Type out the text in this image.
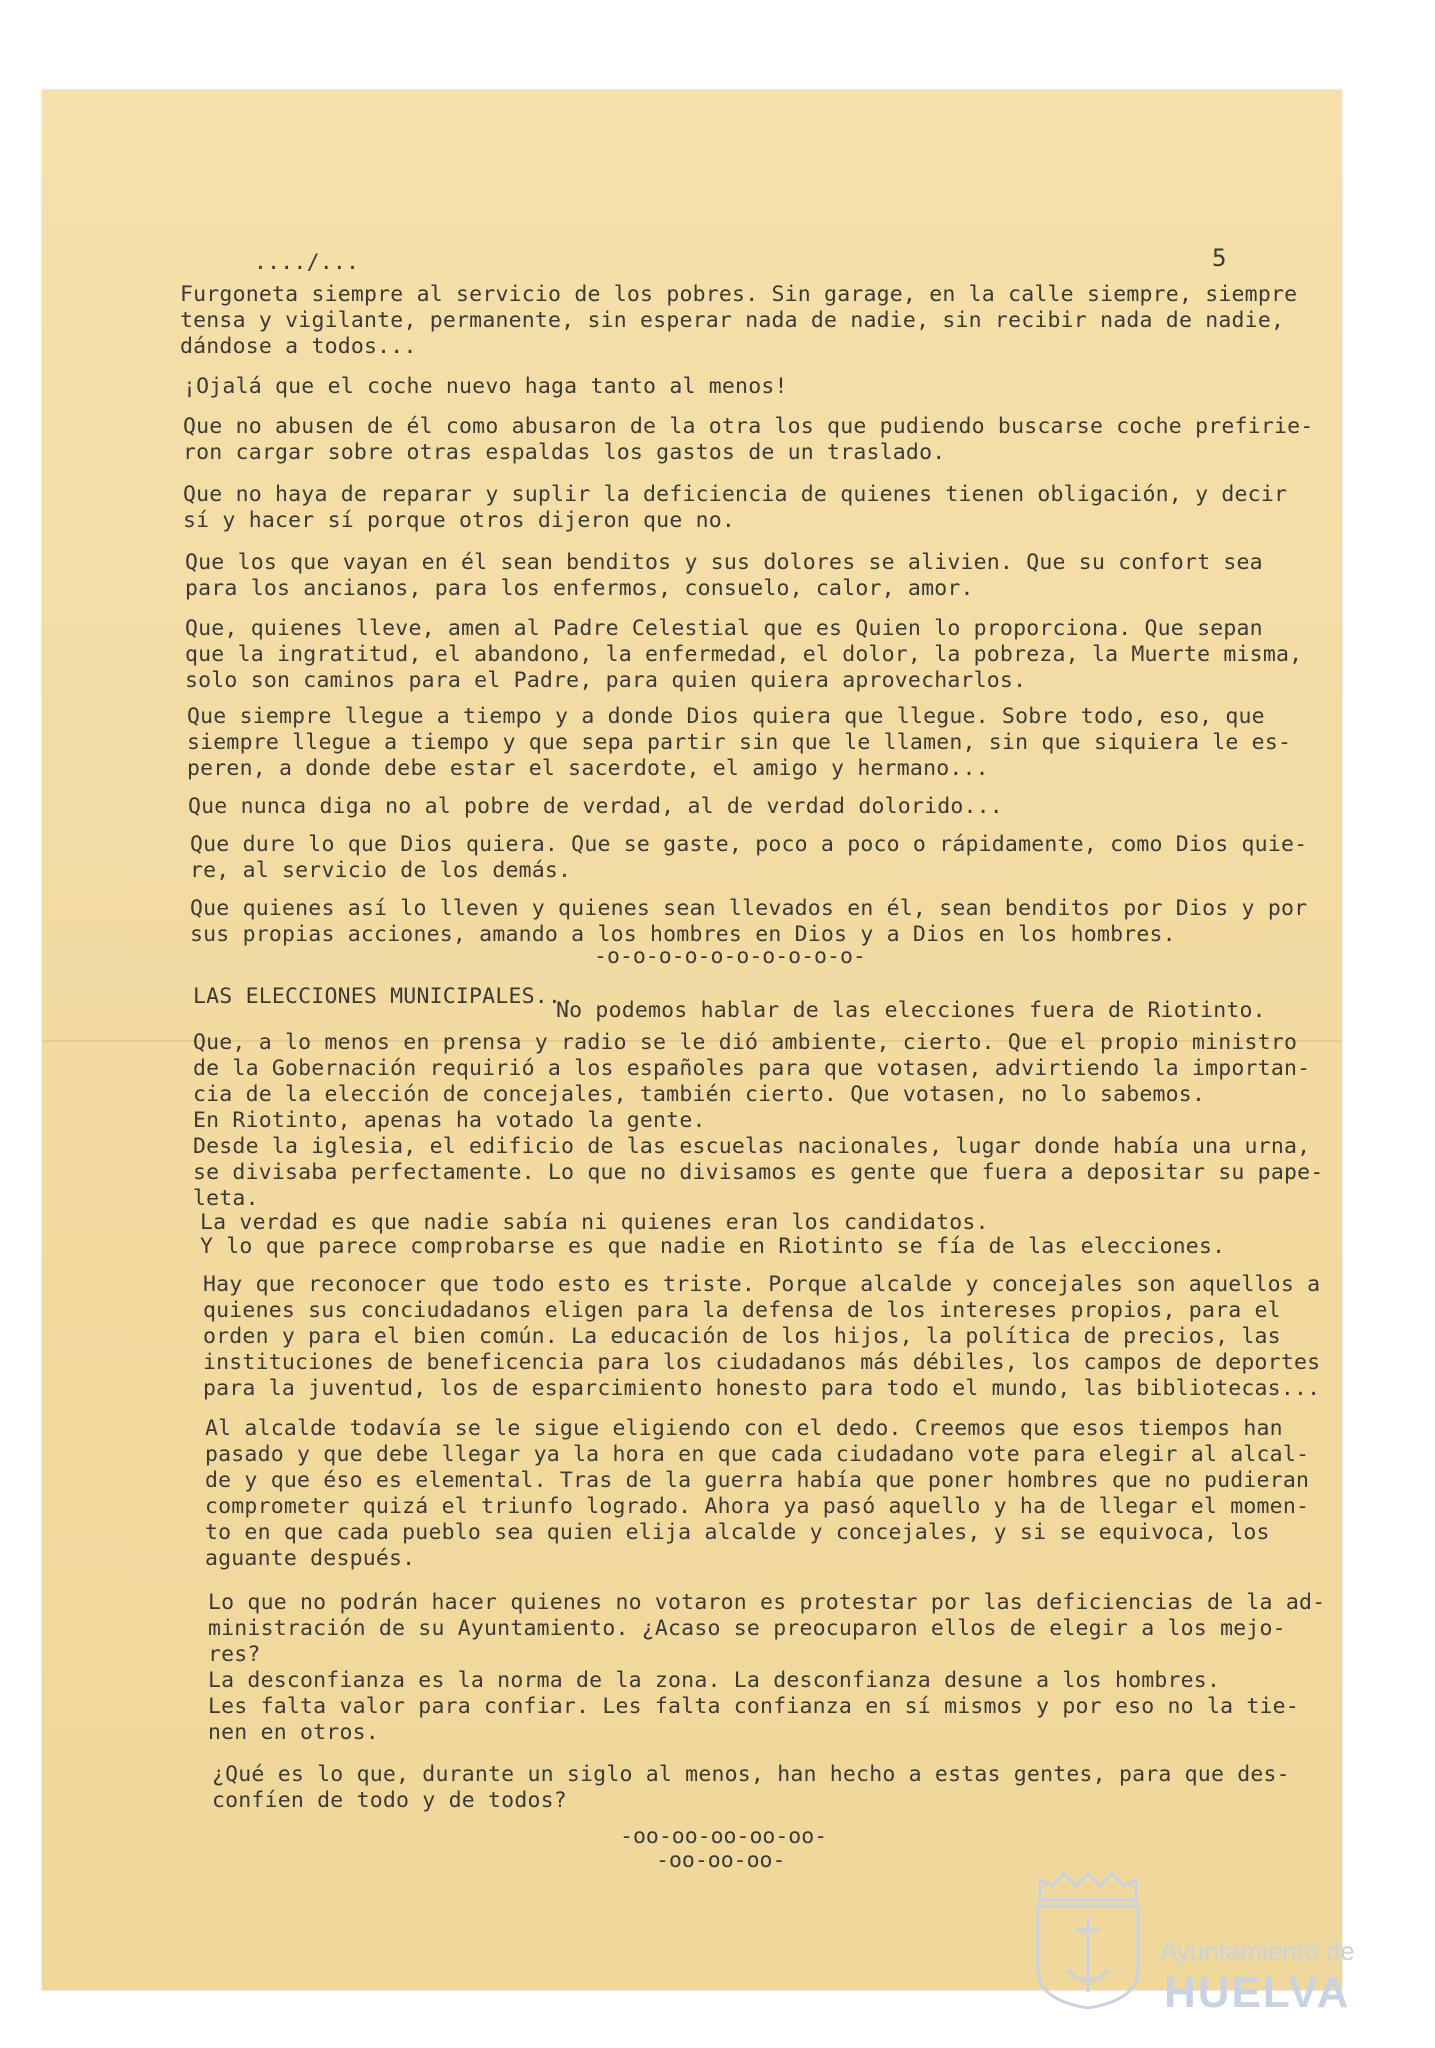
..../...	5
Furgoneta siempre al servicio de los pobres. Sin garage, en la calle siempre, siempre
tensa y vigilante, permanente, sin esperar nada de nadie, sin recibir nada de nadie,
dándose a todos...
¡Ojalá que el coche nuevo haga tanto al menos!
Que no abusen de él como abusaron de la otra los que pudiendo buscarse coche prefirie-
ron cargar sobre otras espaldas los gastos de un traslado.
Que no haya de reparar y suplir la deficiencia de quienes tienen obligación, y decir
sí y hacer sí porque otros dijeron que no.
Que los que vayan en él sean benditos y sus dolores se alivien. Que su confort sea
para los ancianos, para los enfermos, consuelo, calor, amor.
Que, quienes lleve, amen al Padre Celestial que es Quien lo proporciona. Que sepan
que la ingratitud, el abandono, la enfermedad, el dolor, la pobreza, la Muerte misma,
solo son caminos para el Padre, para quien quiera aprovecharlos.
Que siempre llegue a tiempo y a donde Dios quiera que llegue. Sobre todo, eso, que
siempre llegue a tiempo y que sepa partir sin que le llamen, sin que siquiera le es-
peren, a donde debe estar el sacerdote, el amigo y hermano...
Que nunca diga no al pobre de verdad, al de verdad dolorido...
Que dure lo que Dios quiera. Que se gaste, poco a poco o rápidamente, como Dios quie-
re, al servicio de los demás.
Que quienes así lo lleven y quienes sean llevados en él, sean benditos por Dios y por
sus propias acciones, amando a los hombres en Dios y a Dios en los hombres.
-o-o-o-o-o-o-o-o-o-o-
LAS ELECCIONES MUNICIPALES...
No podemos hablar de las elecciones fuera de Riotinto.
Que, a lo menos en prensa y radio se le dió ambiente, cierto. Que el propio ministro
de la Gobernación requirió a los españoles para que votasen, advirtiendo la importan-
cia de la elección de concejales, también cierto. Que votasen, no lo sabemos.
En Riotinto, apenas ha votado la gente.
Desde la iglesia, el edificio de las escuelas nacionales, lugar donde había una urna,
se divisaba perfectamente. Lo que no divisamos es gente que fuera a depositar su pape-
leta.
La verdad es que nadie sabía ni quienes eran los candidatos.
Y lo que parece comprobarse es que nadie en Riotinto se fía de las elecciones.
Hay que reconocer que todo esto es triste. Porque alcalde y concejales son aquellos a
quienes sus conciudadanos eligen para la defensa de los intereses propios, para el
orden y para el bien común. La educación de los hijos, la política de precios, las
instituciones de beneficencia para los ciudadanos más débiles, los campos de deportes
para la juventud, los de esparcimiento honesto para todo el mundo, las bibliotecas...
Al alcalde todavía se le sigue eligiendo con el dedo. Creemos que esos tiempos han
pasado y que debe llegar ya la hora en que cada ciudadano vote para elegir al alcal-
de y que éso es elemental. Tras de la guerra había que poner hombres que no pudieran
comprometer quizá el triunfo logrado. Ahora ya pasó aquello y ha de llegar el momen-
to en que cada pueblo sea quien elija alcalde y concejales, y si se equivoca, los
aguante después.
Lo que no podrán hacer quienes no votaron es protestar por las deficiencias de la ad-
ministración de su Ayuntamiento. ¿Acaso se preocuparon ellos de elegir a los mejo-
res?
La desconfianza es la norma de la zona. La desconfianza desune a los hombres.
Les falta valor para confiar. Les falta confianza en sí mismos y por eso no la tie-
nen en otros.
¿Qué es lo que, durante un siglo al menos, han hecho a estas gentes, para que des-
confíen de todo y de todos?
-oo-oo-oo-oo-oo-
-oo-oo-oo-
Ayuntamiento de
HUELVA
